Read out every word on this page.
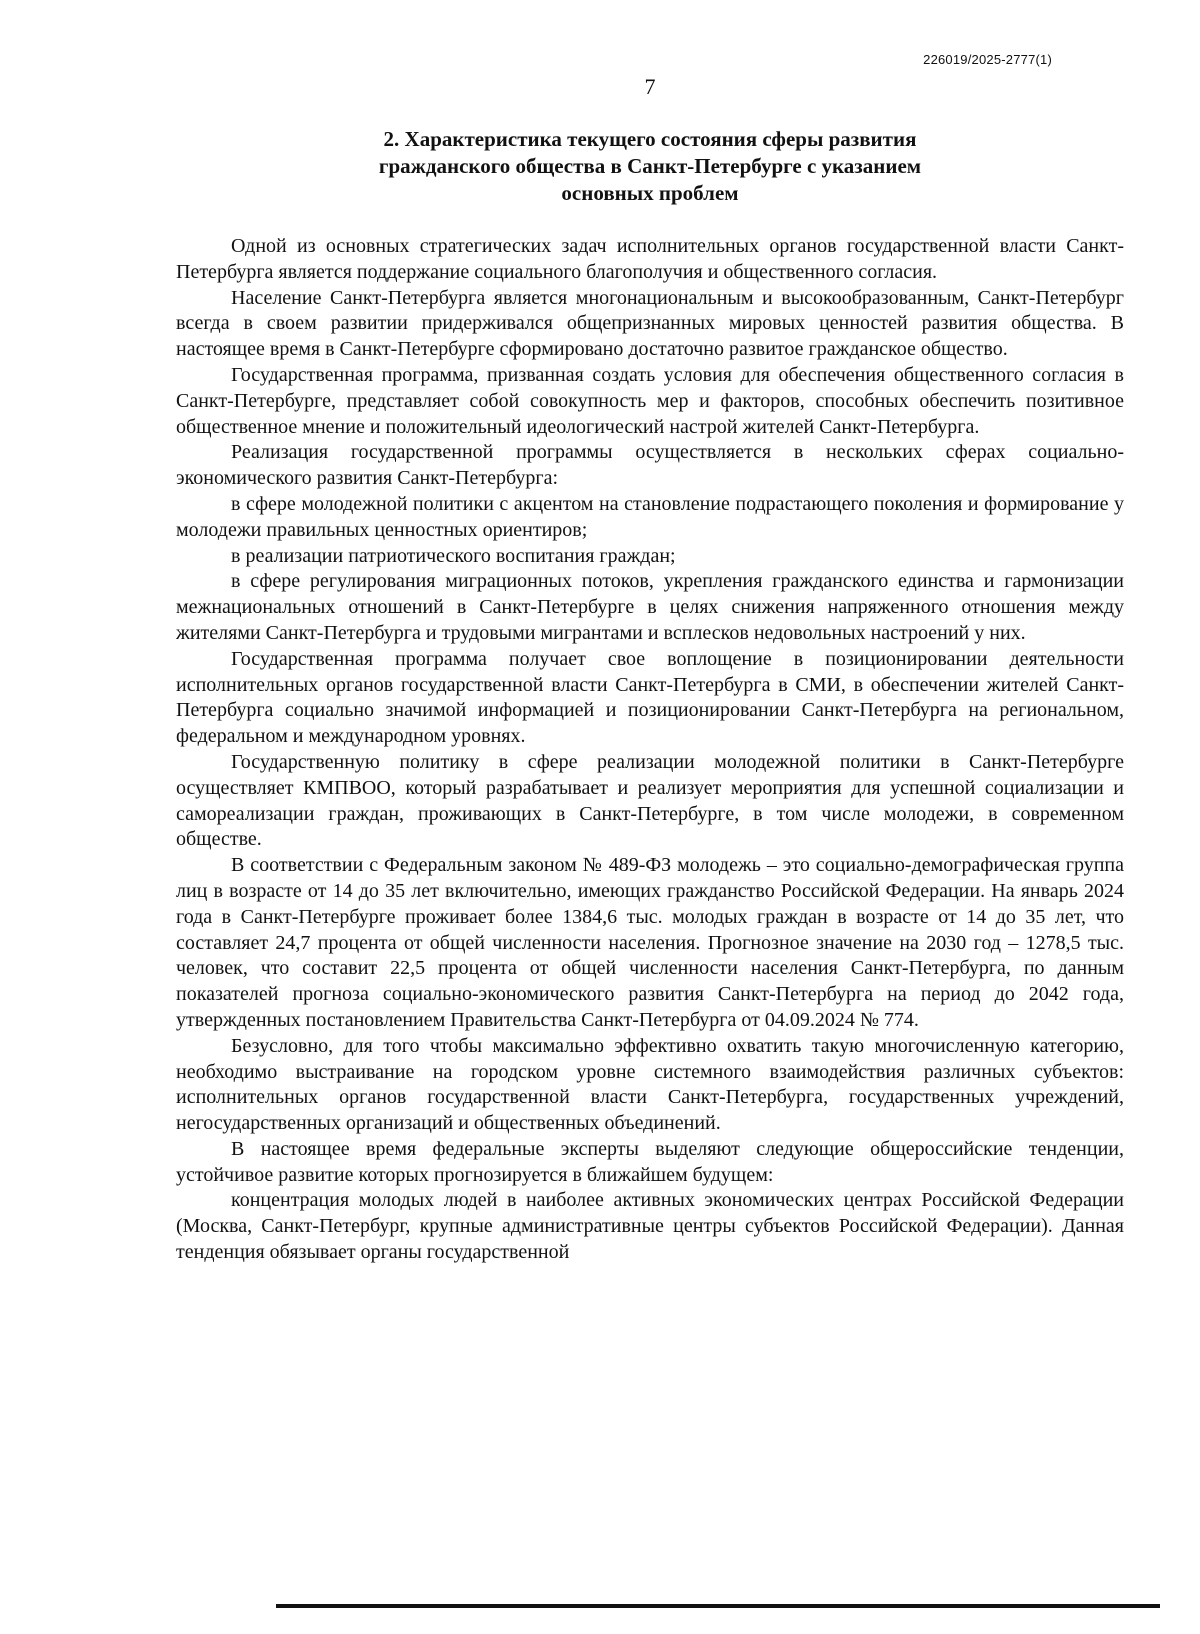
226019/2025-2777(1)
7
2. Характеристика текущего состояния сферы развития
гражданского общества в Санкт-Петербурге с указанием
основных проблем

Одной из основных стратегических задач исполнительных органов государственной власти Санкт-Петербурга является поддержание социального благополучия и общественного согласия.

Население Санкт-Петербурга является многонациональным и высокообразованным, Санкт-Петербург всегда в своем развитии придерживался общепризнанных мировых ценностей развития общества. В настоящее время в Санкт-Петербурге сформировано достаточно развитое гражданское общество.

Государственная программа, призванная создать условия для обеспечения общественного согласия в Санкт-Петербурге, представляет собой совокупность мер и факторов, способных обеспечить позитивное общественное мнение и положительный идеологический настрой жителей Санкт-Петербурга.

Реализация государственной программы осуществляется в нескольких сферах социально-экономического развития Санкт-Петербурга:

в сфере молодежной политики с акцентом на становление подрастающего поколения и формирование у молодежи правильных ценностных ориентиров;

в реализации патриотического воспитания граждан;

в сфере регулирования миграционных потоков, укрепления гражданского единства и гармонизации межнациональных отношений в Санкт-Петербурге в целях снижения напряженного отношения между жителями Санкт-Петербурга и трудовыми мигрантами и всплесков недовольных настроений у них.

Государственная программа получает свое воплощение в позиционировании деятельности исполнительных органов государственной власти Санкт-Петербурга в СМИ, в обеспечении жителей Санкт-Петербурга социально значимой информацией и позиционировании Санкт-Петербурга на региональном, федеральном и международном уровнях.

Государственную политику в сфере реализации молодежной политики в Санкт-Петербурге осуществляет КМПВОО, который разрабатывает и реализует мероприятия для успешной социализации и самореализации граждан, проживающих в Санкт-Петербурге, в том числе молодежи, в современном обществе.

В соответствии с Федеральным законом № 489-ФЗ молодежь – это социально-демографическая группа лиц в возрасте от 14 до 35 лет включительно, имеющих гражданство Российской Федерации. На январь 2024 года в Санкт-Петербурге проживает более 1384,6 тыс. молодых граждан в возрасте от 14 до 35 лет, что составляет 24,7 процента от общей численности населения. Прогнозное значение на 2030 год – 1278,5 тыс. человек, что составит 22,5 процента от общей численности населения Санкт-Петербурга, по данным показателей прогноза социально-экономического развития Санкт-Петербурга на период до 2042 года, утвержденных постановлением Правительства Санкт-Петербурга от 04.09.2024 № 774.

Безусловно, для того чтобы максимально эффективно охватить такую многочисленную категорию, необходимо выстраивание на городском уровне системного взаимодействия различных субъектов: исполнительных органов государственной власти Санкт-Петербурга, государственных учреждений, негосударственных организаций и общественных объединений.

В настоящее время федеральные эксперты выделяют следующие общероссийские тенденции, устойчивое развитие которых прогнозируется в ближайшем будущем:

концентрация молодых людей в наиболее активных экономических центрах Российской Федерации (Москва, Санкт-Петербург, крупные административные центры субъектов Российской Федерации). Данная тенденция обязывает органы государственной
